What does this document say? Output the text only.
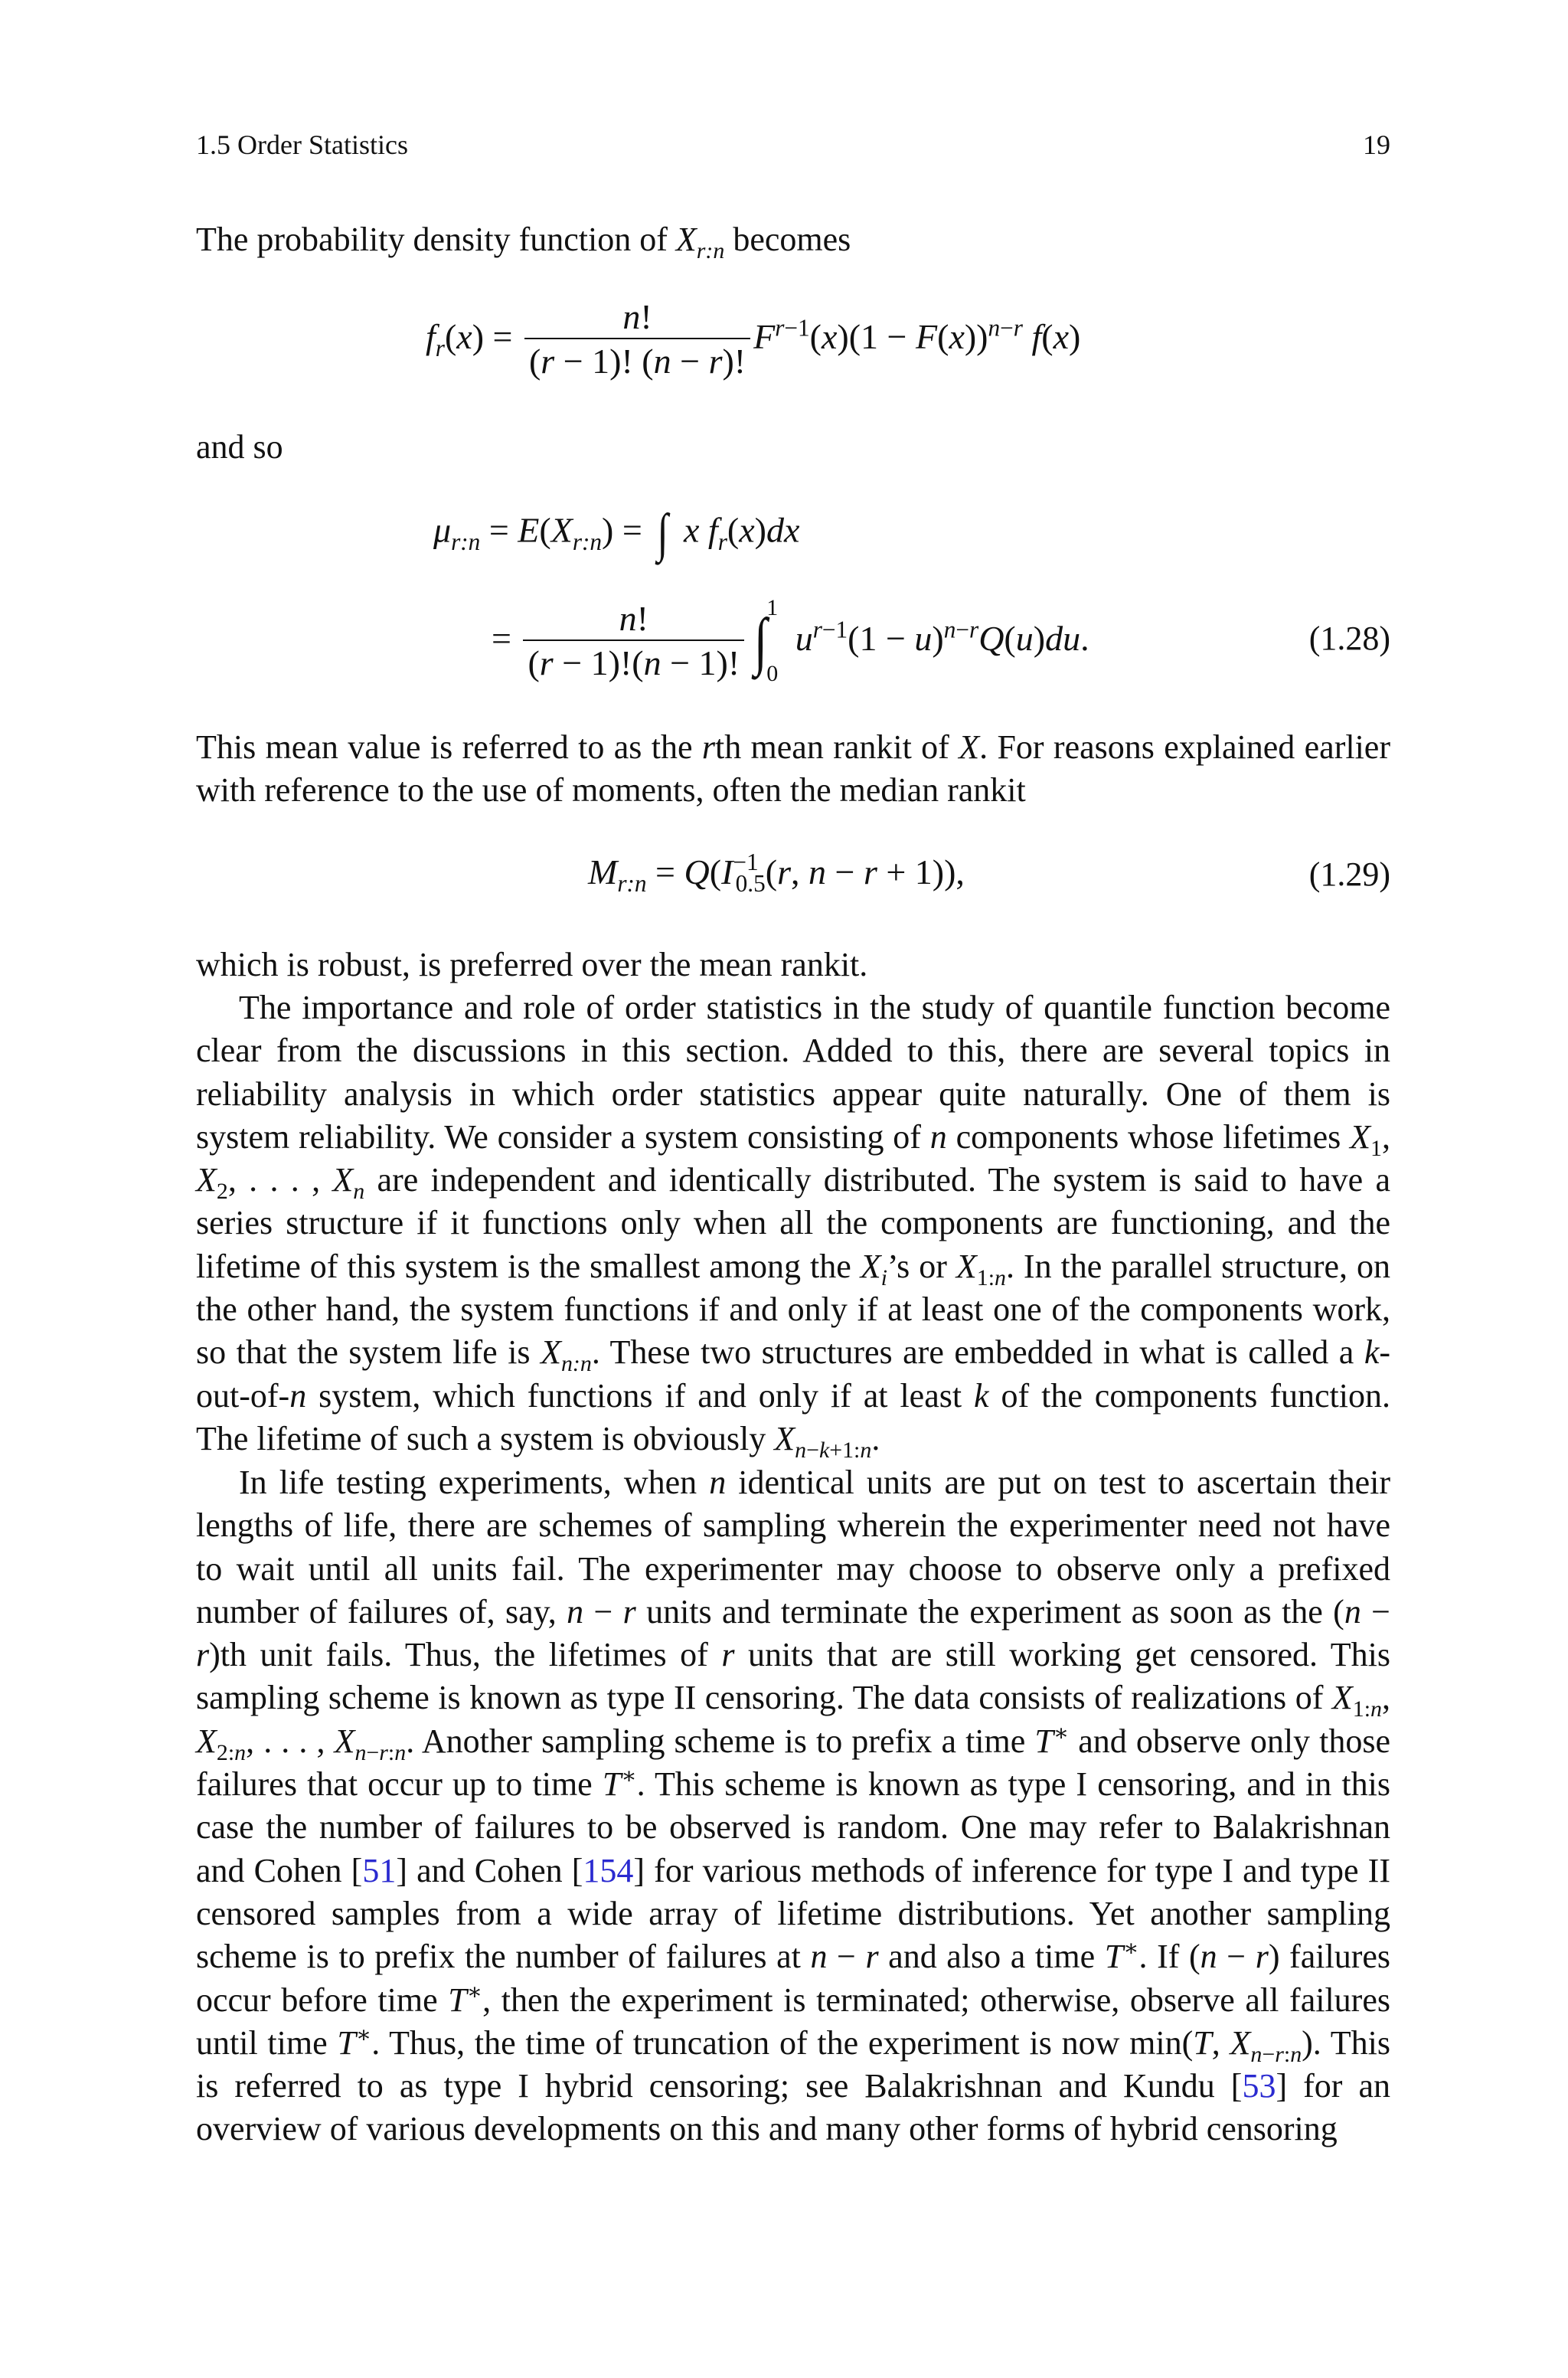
1.5 Order Statistics	19

The probability density function of $X_{r:n}$ becomes

$f_r(x) = \frac{n!}{(r - 1)! (n - r)!} F^{r-1}(x)(1 - F(x))^{n-r}$ f(x)

and so

$\mu_{r:n} = E(X_{r:n})$ = ∫ x $f_r(x)dx$
= $\frac{n!}{(r - 1)!(n - 1)!}$ ∫
1
0
$u^{r-1}(1 - u)^{n-r}Q(u)du$.	(1.28)

This mean value is referred to as the rth mean rankit of X. For reasons explained earlier with reference to the use of moments, often the median rankit

$M_{r:n} = Q(I^{-1}_{0.5}(r$, n − r + 1)),	(1.29)

which is robust, is preferred over the mean rankit.

The importance and role of order statistics in the study of quantile function become clear from the discussions in this section. Added to this, there are several topics in reliability analysis in which order statistics appear quite naturally. One of them is system reliability. We consider a system consisting of n components whose lifetimes $X_1$, $X_2$, . . . , $X_n$ are independent and identically distributed. The system is said to have a series structure if it functions only when all the components are functioning, and the lifetime of this system is the smallest among the $X_i’s$ or $X_{1:n}$. In the parallel structure, on the other hand, the system functions if and only if at least one of the components work, so that the system life is $X_{n:n}$. These two structures are embedded in what is called a k-out-of-n system, which functions if and only if at least k of the components function. The lifetime of such a system is obviously $X_{n-k+1:n}$.

In life testing experiments, when n identical units are put on test to ascertain their lengths of life, there are schemes of sampling wherein the experimenter need not have to wait until all units fail. The experimenter may choose to observe only a prefixed number of failures of, say, n − r units and terminate the experiment as soon as the (n − r)th unit fails. Thus, the lifetimes of r units that are still working get censored. This sampling scheme is known as type II censoring. The data consists of realizations of $X_{1:n}$, $X_{2:n}$, . . . , $X_{n-r:n}$. Another sampling scheme is to prefix a time T∗ and observe only those failures that occur up to time T∗. This scheme is known as type I censoring, and in this case the number of failures to be observed is random. One may refer to Balakrishnan and Cohen [51] and Cohen [154] for various methods of inference for type I and type II censored samples from a wide array of lifetime distributions. Yet another sampling scheme is to prefix the number of failures at n − r and also a time T∗. If (n − r) failures occur before time T∗, then the experiment is terminated; otherwise, observe all failures until time T∗. Thus, the time of truncation of the experiment is now min(T, $X_{n-r:n}$). This is referred to as type I hybrid censoring; see Balakrishnan and Kundu [53] for an overview of various developments on this and many other forms of hybrid censoring
